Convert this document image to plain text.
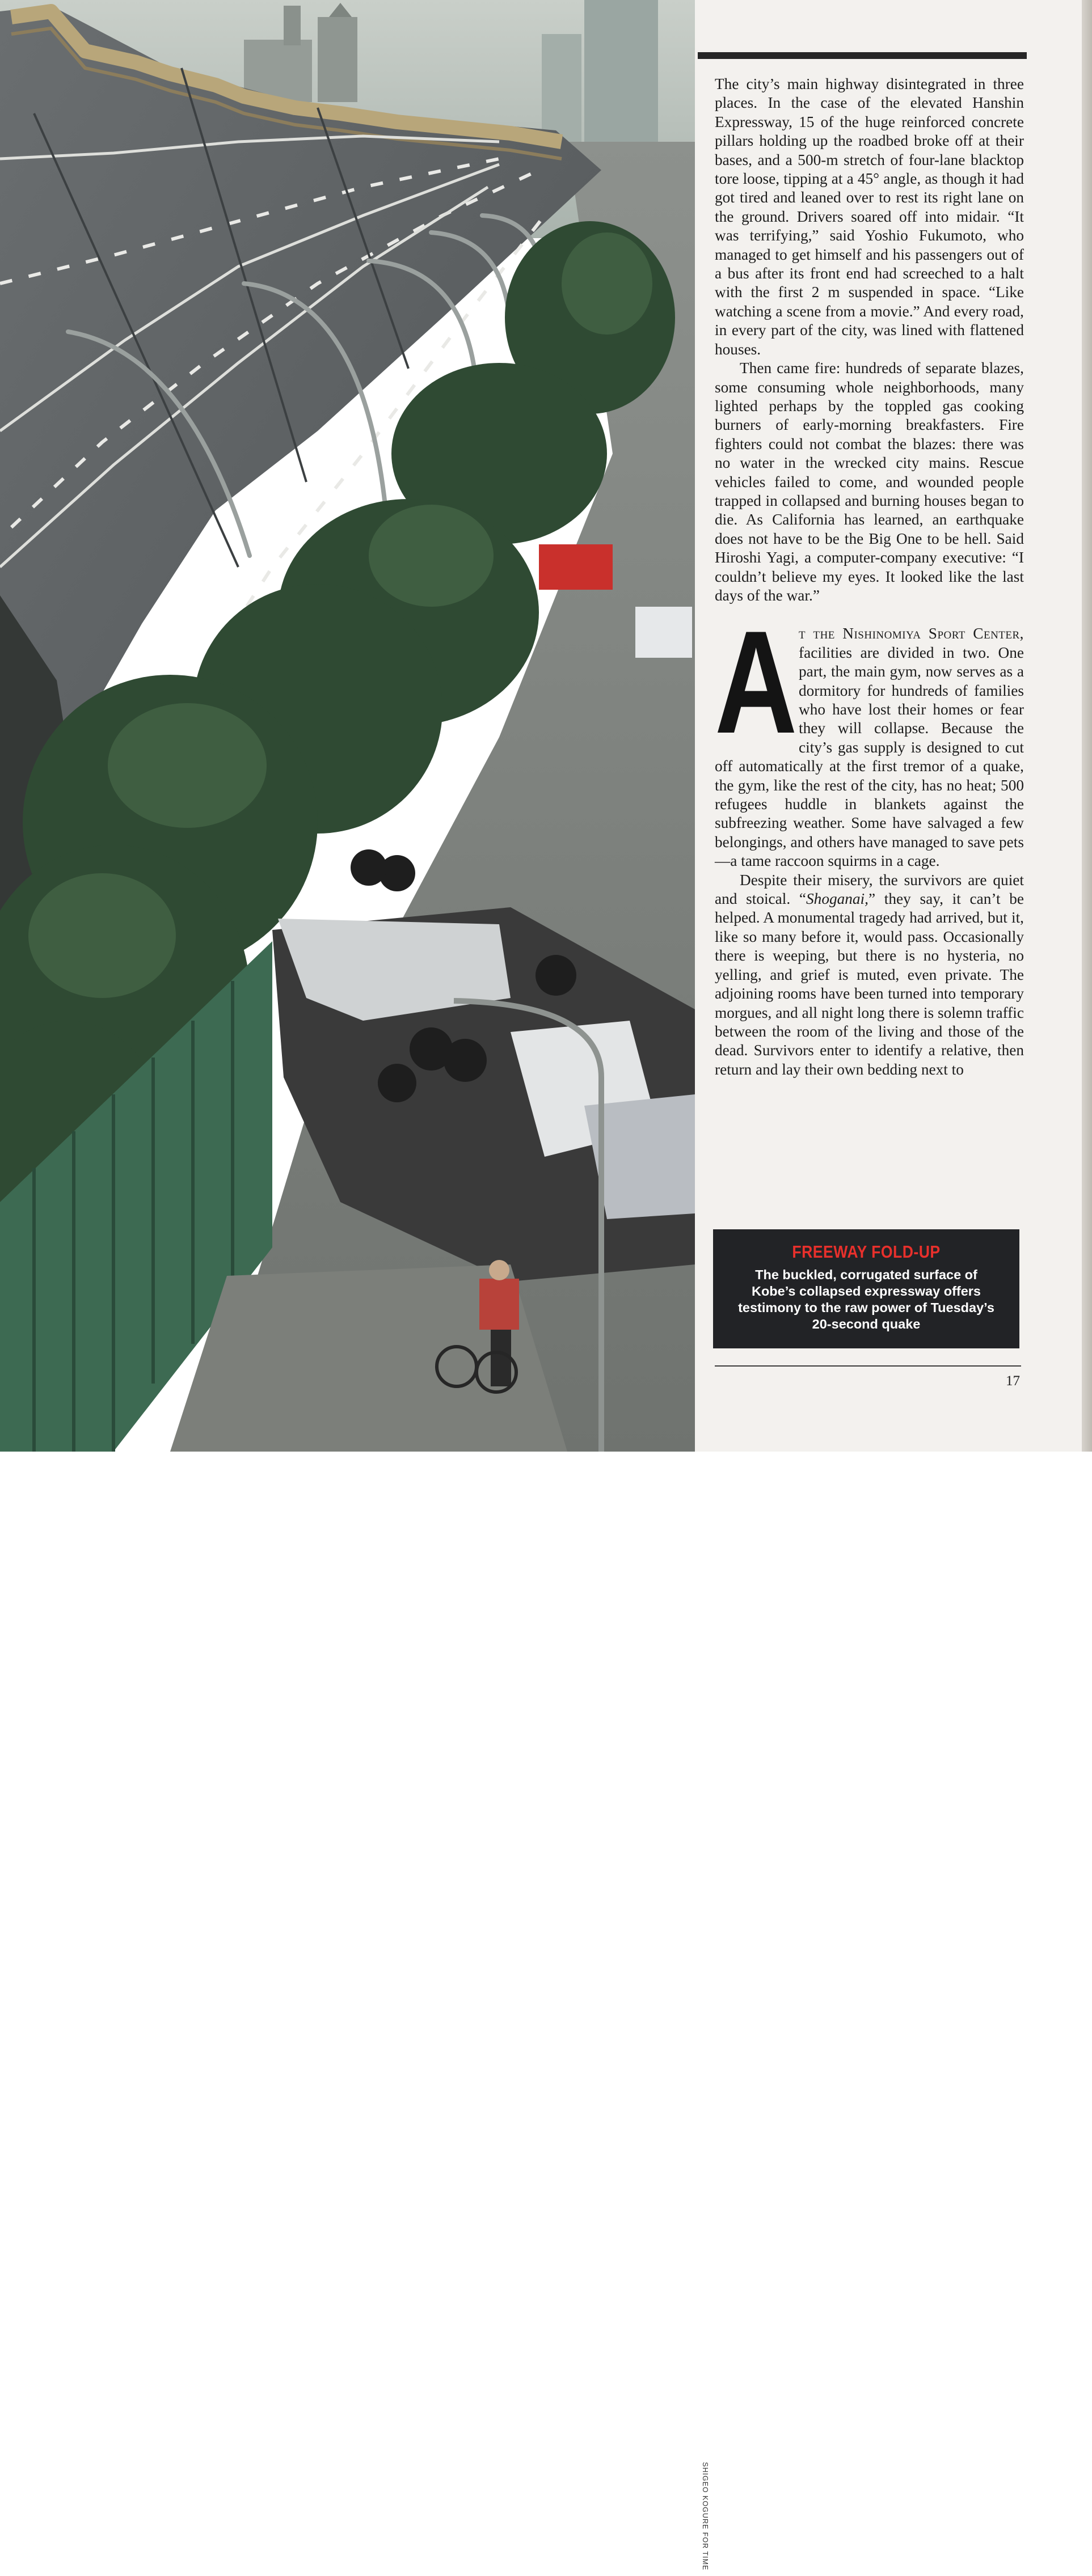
The city’s main highway disintegrated in three places. In the case of the elevated Hanshin Expressway, 15 of the huge reinforced concrete pillars holding up the roadbed broke off at their bases, and a 500-m stretch of four-lane blacktop tore loose, tipping at a 45° angle, as though it had got tired and leaned over to rest its right lane on the ground. Drivers soared off into midair. “It was terrifying,” said Yoshio Fukumoto, who managed to get himself and his passengers out of a bus after its front end had screeched to a halt with the first 2 m suspended in space. “Like watching a scene from a movie.” And every road, in every part of the city, was lined with flattened houses.

Then came fire: hundreds of separate blazes, some consuming whole neighborhoods, many lighted perhaps by the toppled gas cooking burners of early-morning breakfasters. Fire fighters could not combat the blazes: there was no water in the wrecked city mains. Rescue vehicles failed to come, and wounded people trapped in collapsed and burning houses began to die. As California has learned, an earthquake does not have to be the Big One to be hell. Said Hiroshi Yagi, a computer-company executive: “I couldn’t believe my eyes. It looked like the last days of the war.”

At the Nishinomiya Sport Center, facilities are divided in two. One part, the main gym, now serves as a dormitory for hundreds of families who have lost their homes or fear they will collapse. Because the city’s gas supply is designed to cut off automatically at the first tremor of a quake, the gym, like the rest of the city, has no heat; 500 refugees huddle in blankets against the subfreezing weather. Some have salvaged a few belongings, and others have managed to save pets—a tame raccoon squirms in a cage.

Despite their misery, the survivors are quiet and stoical. “Shoganai,” they say, it can’t be helped. A monumental tragedy had arrived, but it, like so many before it, would pass. Occasionally there is weeping, but there is no hysteria, no yelling, and grief is muted, even private. The adjoining rooms have been turned into temporary morgues, and all night long there is solemn traffic between the room of the living and those of the dead. Survivors enter to identify a relative, then return and lay their own bedding next to

SHIGEO KOGURE FOR TIME
FREEWAY FOLD-UP
The buckled, corrugated surface of Kobe’s collapsed expressway offers testimony to the raw power of Tuesday’s 20-second quake
17
